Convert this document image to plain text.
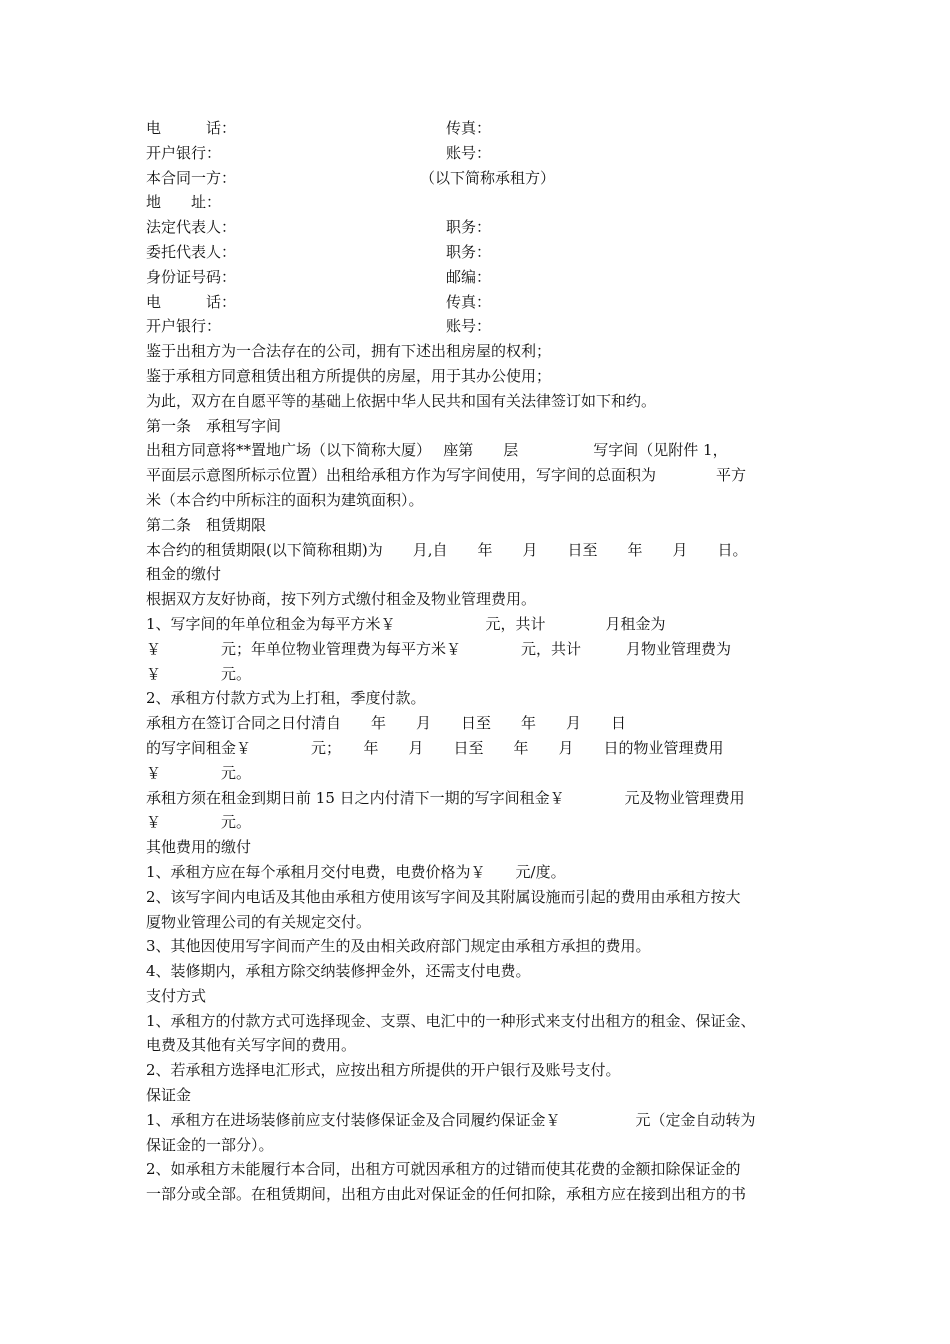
电　　　话：	传真：
开户银行：	账号：
本合同一方：	（以下简称承租方）
地　　址：
法定代表人：	职务：
委托代表人：	职务：
身份证号码：	邮编：
电　　　话：	传真：
开户银行：	账号：
鉴于出租方为一合法存在的公司，拥有下述出租房屋的权利；
鉴于承租方同意租赁出租方所提供的房屋，用于其办公使用；
为此，双方在自愿平等的基础上依据中华人民共和国有关法律签订如下和约。
第一条　承租写字间
出租方同意将**置地广场（以下简称大厦）　 座第　　层　　　　　写字间（见附件 1，
平面层示意图所标示位置）出租给承租方作为写字间使用，写字间的总面积为　　　　平方
米（本合约中所标注的面积为建筑面积）。
第二条　租赁期限
本合约的租赁期限(以下简称租期)为　　月,自　　年　　月　　日至　　年　　月　　日。
租金的缴付
根据双方友好协商，按下列方式缴付租金及物业管理费用。
1、写字间的年单位租金为每平方米￥　　　　　　元，共计　　　　月租金为
￥　　　　元；年单位物业管理费为每平方米￥　　　　元，共计　　　月物业管理费为
￥　　　　元。
2、承租方付款方式为上打租，季度付款。
承租方在签订合同之日付清自　　年　　月　　日至　　年　　月　　日
的写字间租金￥　　　　元；　　年　　月　　日至　　年　　月　　日的物业管理费用
￥　　　　元。
承租方须在租金到期日前 15 日之内付清下一期的写字间租金￥　　　　元及物业管理费用
￥　　　　元。
其他费用的缴付
1、承租方应在每个承租月交付电费，电费价格为￥　　元/度。
2、该写字间内电话及其他由承租方使用该写字间及其附属设施而引起的费用由承租方按大
厦物业管理公司的有关规定交付。
3、其他因使用写字间而产生的及由相关政府部门规定由承租方承担的费用。
4、装修期内，承租方除交纳装修押金外，还需支付电费。
支付方式
1、承租方的付款方式可选择现金、支票、电汇中的一种形式来支付出租方的租金、保证金、
电费及其他有关写字间的费用。
2、若承租方选择电汇形式，应按出租方所提供的开户银行及账号支付。
保证金
1、承租方在进场装修前应支付装修保证金及合同履约保证金￥　　　　　元（定金自动转为
保证金的一部分）。
2、如承租方未能履行本合同，出租方可就因承租方的过错而使其花费的金额扣除保证金的
一部分或全部。在租赁期间，出租方由此对保证金的任何扣除，承租方应在接到出租方的书
